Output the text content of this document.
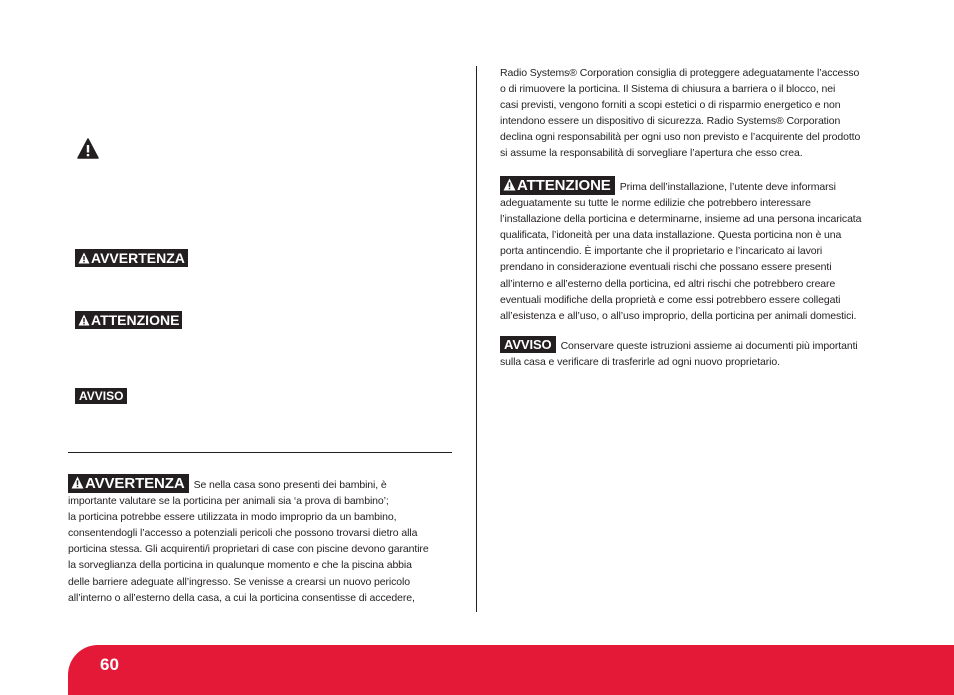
AVVERTENZA
ATTENZIONE
AVVISO
AVVERTENZA Se nella casa sono presenti dei bambini, è
importante valutare se la porticina per animali sia ‘a prova di bambino’;
la porticina potrebbe essere utilizzata in modo improprio da un bambino,
consentendogli l’accesso a potenziali pericoli che possono trovarsi dietro alla
porticina stessa. Gli acquirenti/i proprietari di case con piscine devono garantire
la sorveglianza della porticina in qualunque momento e che la piscina abbia
delle barriere adeguate all’ingresso. Se venisse a crearsi un nuovo pericolo
all’interno o all’esterno della casa, a cui la porticina consentisse di accedere,
Radio Systems® Corporation consiglia di proteggere adeguatamente l’accesso
o di rimuovere la porticina. Il Sistema di chiusura a barriera o il blocco, nei
casi previsti, vengono forniti a scopi estetici o di risparmio energetico e non
intendono essere un dispositivo di sicurezza. Radio Systems® Corporation
declina ogni responsabilità per ogni uso non previsto e l’acquirente del prodotto
si assume la responsabilità di sorvegliare l’apertura che esso crea.
ATTENZIONE Prima dell’installazione, l’utente deve informarsi
adeguatamente su tutte le norme edilizie che potrebbero interessare
l’installazione della porticina e determinarne, insieme ad una persona incaricata
qualificata, l’idoneità per una data installazione. Questa porticina non è una
porta antincendio. È importante che il proprietario e l’incaricato ai lavori
prendano in considerazione eventuali rischi che possano essere presenti
all’interno e all’esterno della porticina, ed altri rischi che potrebbero creare
eventuali modifiche della proprietà e come essi potrebbero essere collegati
all’esistenza e all’uso, o all’uso improprio, della porticina per animali domestici.
AVVISO Conservare queste istruzioni assieme ai documenti più importanti
sulla casa e verificare di trasferirle ad ogni nuovo proprietario.
60
